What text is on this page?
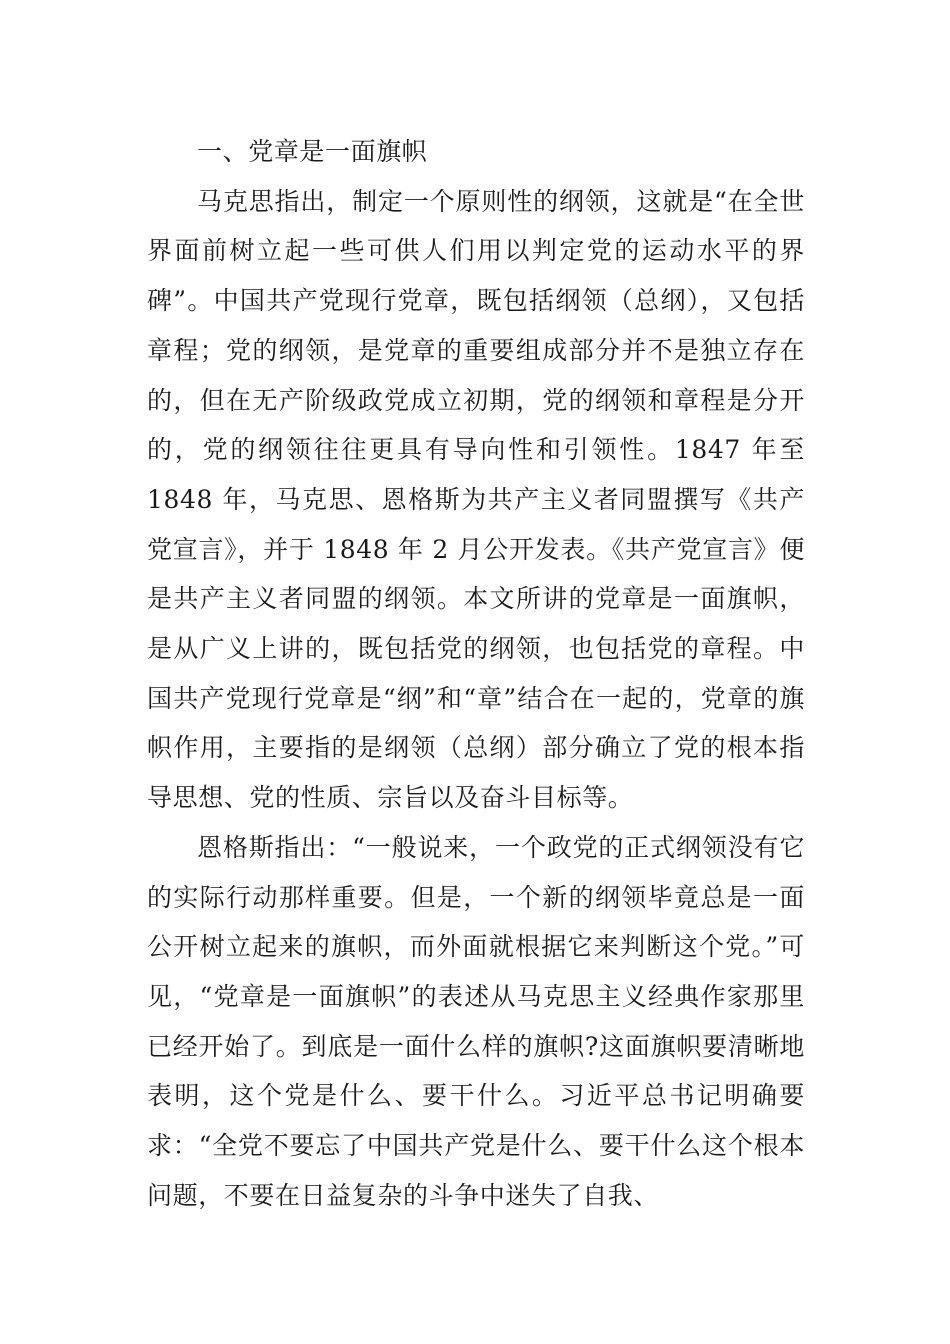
一、党章是一面旗帜

马克思指出，制定一个原则性的纲领，这就是“在全世界面前树立起一些可供人们用以判定党的运动水平的界碑”。中国共产党现行党章，既包括纲领（总纲），又包括章程；党的纲领，是党章的重要组成部分并不是独立存在的，但在无产阶级政党成立初期，党的纲领和章程是分开的，党的纲领往往更具有导向性和引领性。1847 年至 1848 年，马克思、恩格斯为共产主义者同盟撰写《共产党宣言》，并于 1848 年 2 月公开发表。《共产党宣言》便是共产主义者同盟的纲领。本文所讲的党章是一面旗帜，是从广义上讲的，既包括党的纲领，也包括党的章程。中国共产党现行党章是“纲”和“章”结合在一起的，党章的旗帜作用，主要指的是纲领（总纲）部分确立了党的根本指导思想、党的性质、宗旨以及奋斗目标等。

恩格斯指出：“一般说来，一个政党的正式纲领没有它的实际行动那样重要。但是，一个新的纲领毕竟总是一面公开树立起来的旗帜，而外面就根据它来判断这个党。”可见，“党章是一面旗帜”的表述从马克思主义经典作家那里已经开始了。到底是一面什么样的旗帜?这面旗帜要清晰地表明，这个党是什么、要干什么。习近平总书记明确要求：“全党不要忘了中国共产党是什么、要干什么这个根本问题，不要在日益复杂的斗争中迷失了自我、
